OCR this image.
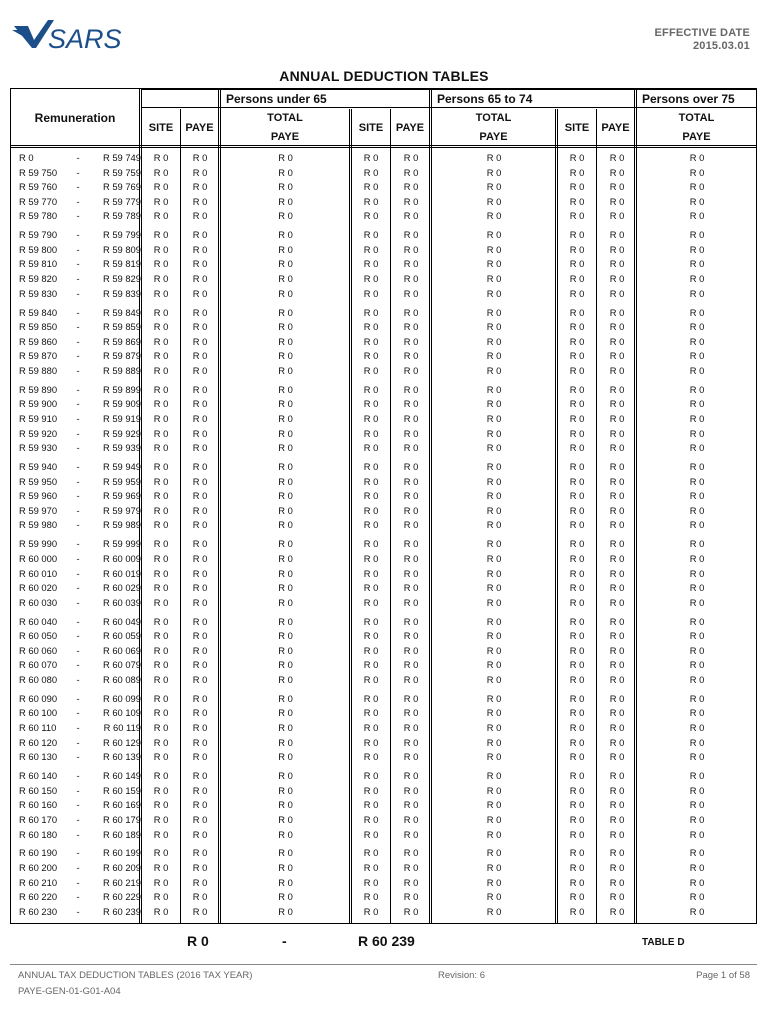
SARS	EFFECTIVE DATE
2015.03.01
ANNUAL DEDUCTION TABLES
Remuneration
Persons under 65	Persons 65 to 74	Persons over 75
SITE	PAYE
TOTAL
PAYE
SITE	PAYE
TOTAL
PAYE
SITE	PAYE
TOTAL
PAYE
R 0	-	R 59 749	R 0	R 0	R 0	R 0	R 0	R 0	R 0	R 0	R 0
R 59 750	-	R 59 759	R 0	R 0	R 0	R 0	R 0	R 0	R 0	R 0	R 0
R 59 760	-	R 59 769	R 0	R 0	R 0	R 0	R 0	R 0	R 0	R 0	R 0
R 59 770	-	R 59 779	R 0	R 0	R 0	R 0	R 0	R 0	R 0	R 0	R 0
R 59 780	-	R 59 789	R 0	R 0	R 0	R 0	R 0	R 0	R 0	R 0	R 0
R 59 790	-	R 59 799	R 0	R 0	R 0	R 0	R 0	R 0	R 0	R 0	R 0
R 59 800	-	R 59 809	R 0	R 0	R 0	R 0	R 0	R 0	R 0	R 0	R 0
R 59 810	-	R 59 819	R 0	R 0	R 0	R 0	R 0	R 0	R 0	R 0	R 0
R 59 820	-	R 59 829	R 0	R 0	R 0	R 0	R 0	R 0	R 0	R 0	R 0
R 59 830	-	R 59 839	R 0	R 0	R 0	R 0	R 0	R 0	R 0	R 0	R 0
R 59 840	-	R 59 849	R 0	R 0	R 0	R 0	R 0	R 0	R 0	R 0	R 0
R 59 850	-	R 59 859	R 0	R 0	R 0	R 0	R 0	R 0	R 0	R 0	R 0
R 59 860	-	R 59 869	R 0	R 0	R 0	R 0	R 0	R 0	R 0	R 0	R 0
R 59 870	-	R 59 879	R 0	R 0	R 0	R 0	R 0	R 0	R 0	R 0	R 0
R 59 880	-	R 59 889	R 0	R 0	R 0	R 0	R 0	R 0	R 0	R 0	R 0
R 59 890	-	R 59 899	R 0	R 0	R 0	R 0	R 0	R 0	R 0	R 0	R 0
R 59 900	-	R 59 909	R 0	R 0	R 0	R 0	R 0	R 0	R 0	R 0	R 0
R 59 910	-	R 59 919	R 0	R 0	R 0	R 0	R 0	R 0	R 0	R 0	R 0
R 59 920	-	R 59 929	R 0	R 0	R 0	R 0	R 0	R 0	R 0	R 0	R 0
R 59 930	-	R 59 939	R 0	R 0	R 0	R 0	R 0	R 0	R 0	R 0	R 0
R 59 940	-	R 59 949	R 0	R 0	R 0	R 0	R 0	R 0	R 0	R 0	R 0
R 59 950	-	R 59 959	R 0	R 0	R 0	R 0	R 0	R 0	R 0	R 0	R 0
R 59 960	-	R 59 969	R 0	R 0	R 0	R 0	R 0	R 0	R 0	R 0	R 0
R 59 970	-	R 59 979	R 0	R 0	R 0	R 0	R 0	R 0	R 0	R 0	R 0
R 59 980	-	R 59 989	R 0	R 0	R 0	R 0	R 0	R 0	R 0	R 0	R 0
R 59 990	-	R 59 999	R 0	R 0	R 0	R 0	R 0	R 0	R 0	R 0	R 0
R 60 000	-	R 60 009	R 0	R 0	R 0	R 0	R 0	R 0	R 0	R 0	R 0
R 60 010	-	R 60 019	R 0	R 0	R 0	R 0	R 0	R 0	R 0	R 0	R 0
R 60 020	-	R 60 029	R 0	R 0	R 0	R 0	R 0	R 0	R 0	R 0	R 0
R 60 030	-	R 60 039	R 0	R 0	R 0	R 0	R 0	R 0	R 0	R 0	R 0
R 60 040	-	R 60 049	R 0	R 0	R 0	R 0	R 0	R 0	R 0	R 0	R 0
R 60 050	-	R 60 059	R 0	R 0	R 0	R 0	R 0	R 0	R 0	R 0	R 0
R 60 060	-	R 60 069	R 0	R 0	R 0	R 0	R 0	R 0	R 0	R 0	R 0
R 60 070	-	R 60 079	R 0	R 0	R 0	R 0	R 0	R 0	R 0	R 0	R 0
R 60 080	-	R 60 089	R 0	R 0	R 0	R 0	R 0	R 0	R 0	R 0	R 0
R 60 090	-	R 60 099	R 0	R 0	R 0	R 0	R 0	R 0	R 0	R 0	R 0
R 60 100	-	R 60 109	R 0	R 0	R 0	R 0	R 0	R 0	R 0	R 0	R 0
R 60 110	-	R 60 119	R 0	R 0	R 0	R 0	R 0	R 0	R 0	R 0	R 0
R 60 120	-	R 60 129	R 0	R 0	R 0	R 0	R 0	R 0	R 0	R 0	R 0
R 60 130	-	R 60 139	R 0	R 0	R 0	R 0	R 0	R 0	R 0	R 0	R 0
R 60 140	-	R 60 149	R 0	R 0	R 0	R 0	R 0	R 0	R 0	R 0	R 0
R 60 150	-	R 60 159	R 0	R 0	R 0	R 0	R 0	R 0	R 0	R 0	R 0
R 60 160	-	R 60 169	R 0	R 0	R 0	R 0	R 0	R 0	R 0	R 0	R 0
R 60 170	-	R 60 179	R 0	R 0	R 0	R 0	R 0	R 0	R 0	R 0	R 0
R 60 180	-	R 60 189	R 0	R 0	R 0	R 0	R 0	R 0	R 0	R 0	R 0
R 60 190	-	R 60 199	R 0	R 0	R 0	R 0	R 0	R 0	R 0	R 0	R 0
R 60 200	-	R 60 209	R 0	R 0	R 0	R 0	R 0	R 0	R 0	R 0	R 0
R 60 210	-	R 60 219	R 0	R 0	R 0	R 0	R 0	R 0	R 0	R 0	R 0
R 60 220	-	R 60 229	R 0	R 0	R 0	R 0	R 0	R 0	R 0	R 0	R 0
R 60 230	-	R 60 239	R 0	R 0	R 0	R 0	R 0	R 0	R 0	R 0	R 0
R 0	-	R 60 239	TABLE D
ANNUAL TAX DEDUCTION TABLES (2016 TAX YEAR)
PAYE-GEN-01-G01-A04
Revision: 6	Page 1 of 58
